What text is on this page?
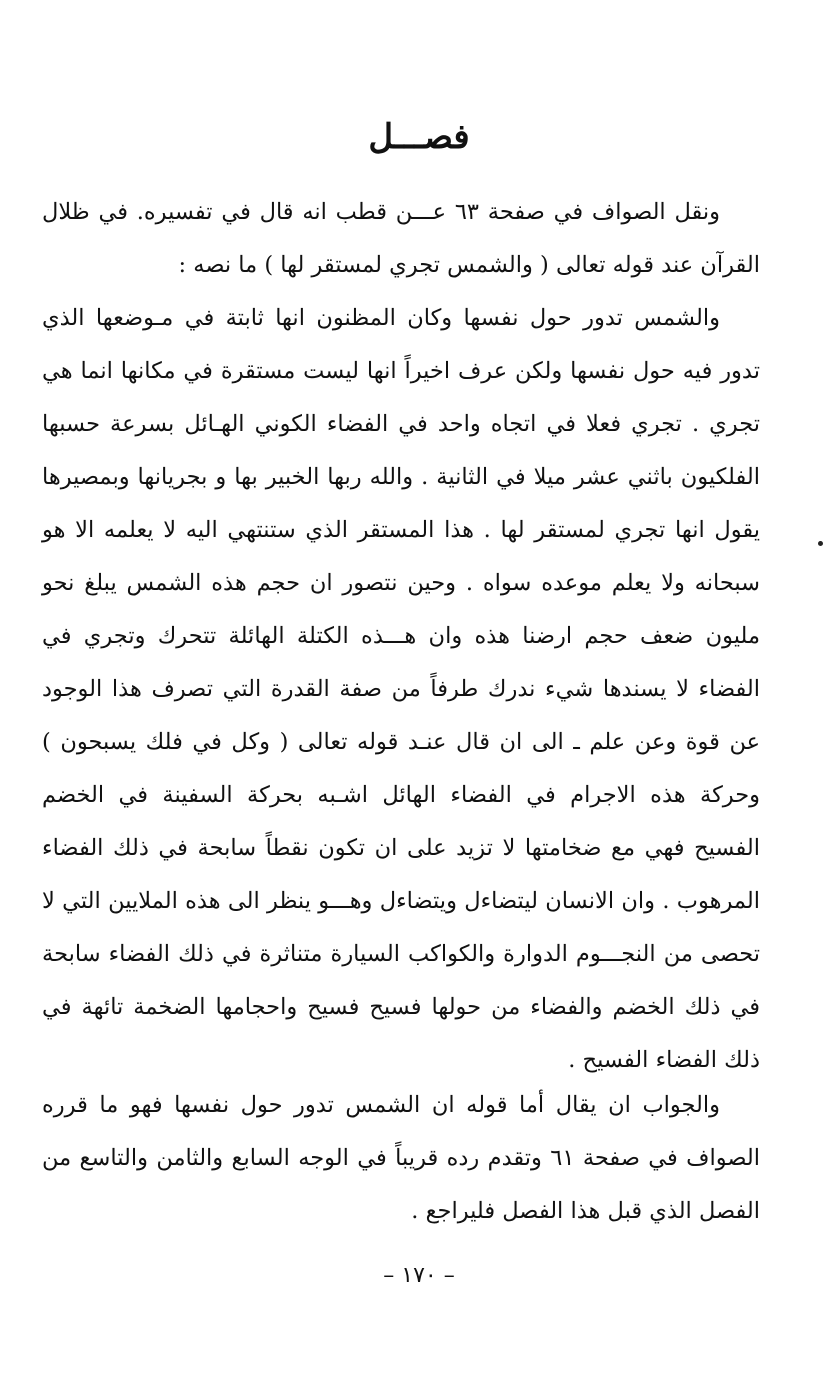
فصـــل

ونقل الصواف في صفحة ٦٣ عـــن قطب انه قال في تفسيره. في ظلال القرآن عند قوله تعالى ( والشمس تجري لمستقر لها ) ما نصه :

والشمس تدور حول نفسها وكان المظنون انها ثابتة في مـوضعها الذي تدور فيه حول نفسها ولكن عرف اخيراً انها ليست مستقرة في مكانها انما هي تجري . تجري فعلا في اتجاه واحد في الفضاء الكوني الهـائل بسرعة حسبها الفلكيون باثني عشر ميلا في الثانية . والله ربها الخبير بها و بجريانها وبمصيرها يقول انها تجري لمستقر لها . هذا المستقر الذي ستنتهي اليه لا يعلمه الا هو سبحانه ولا يعلم موعده سواه . وحين نتصور ان حجم هذه الشمس يبلغ نحو مليون ضعف حجم ارضنا هذه وان هـــذه الكتلة الهائلة تتحرك وتجري في الفضاء لا يسندها شيء ندرك طرفاً من صفة القدرة التي تصرف هذا الوجود عن قوة وعن علم ـ الى ان قال عنـد قوله تعالى ( وكل في فلك يسبحون ) وحركة هذه الاجرام في الفضاء الهائل اشـبه بحركة السفينة في الخضم الفسيح فهي مع ضخامتها لا تزيد على ان تكون نقطاً سابحة في ذلك الفضاء المرهوب . وان الانسان ليتضاءل ويتضاءل وهـــو ينظر الى هذه الملايين التي لا تحصى من النجـــوم الدوارة والكواكب السيارة متناثرة في ذلك الفضاء سابحة في ذلك الخضم والفضاء من حولها فسيح فسيح واحجامها الضخمة تائهة في ذلك الفضاء الفسيح .

والجواب ان يقال أما قوله ان الشمس تدور حول نفسها فهو ما قرره الصواف في صفحة ٦١ وتقدم رده قريباً في الوجه السابع والثامن والتاسع من الفصل الذي قبل هذا الفصل فليراجع .

– ١٧٠ –
